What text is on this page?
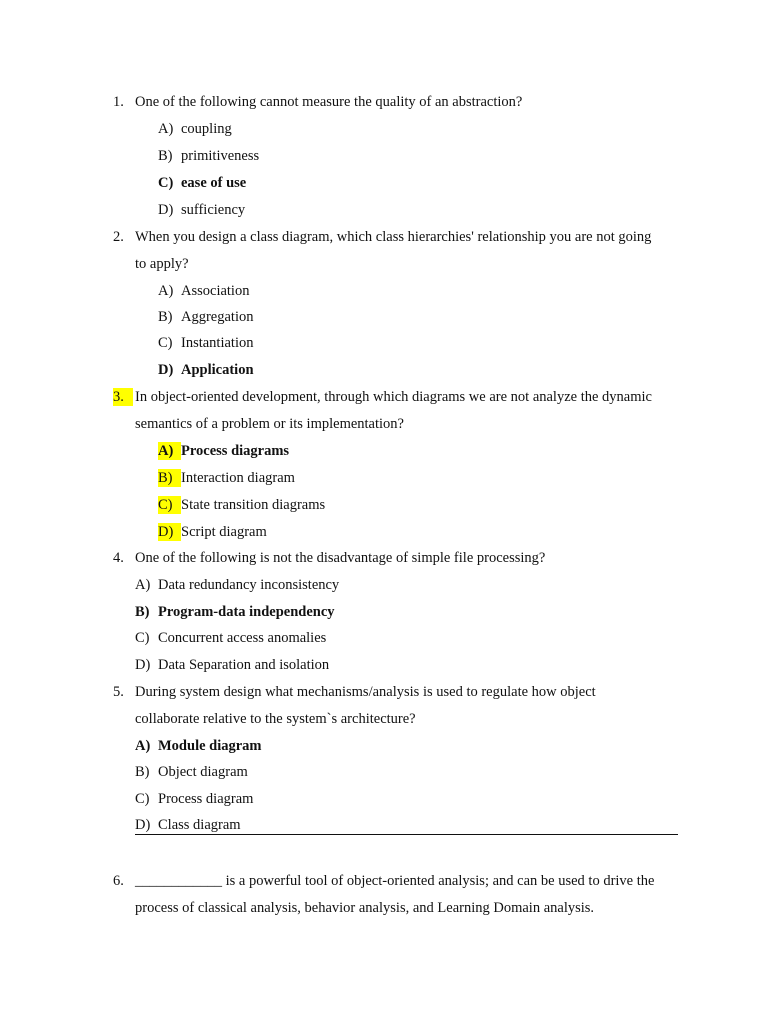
1. One of the following cannot measure the quality of an abstraction?
A) coupling
B) primitiveness
C) ease of use
D) sufficiency
2. When you design a class diagram, which class hierarchies' relationship you are not going
to apply?
A) Association
B) Aggregation
C) Instantiation
D) Application
3. In object-oriented development, through which diagrams we are not analyze the dynamic
semantics of a problem or its implementation?
A) Process diagrams
B) Interaction diagram
C) State transition diagrams
D) Script diagram
4. One of the following is not the disadvantage of simple file processing?
A) Data redundancy inconsistency
B) Program-data independency
C) Concurrent access anomalies
D) Data Separation and isolation
5. During system design what mechanisms/analysis is used to regulate how object
collaborate relative to the system`s architecture?
A) Module diagram
B) Object diagram
C) Process diagram
D) Class diagram
6. ____________ is a powerful tool of object-oriented analysis; and can be used to drive the
process of classical analysis, behavior analysis, and Learning Domain analysis.
